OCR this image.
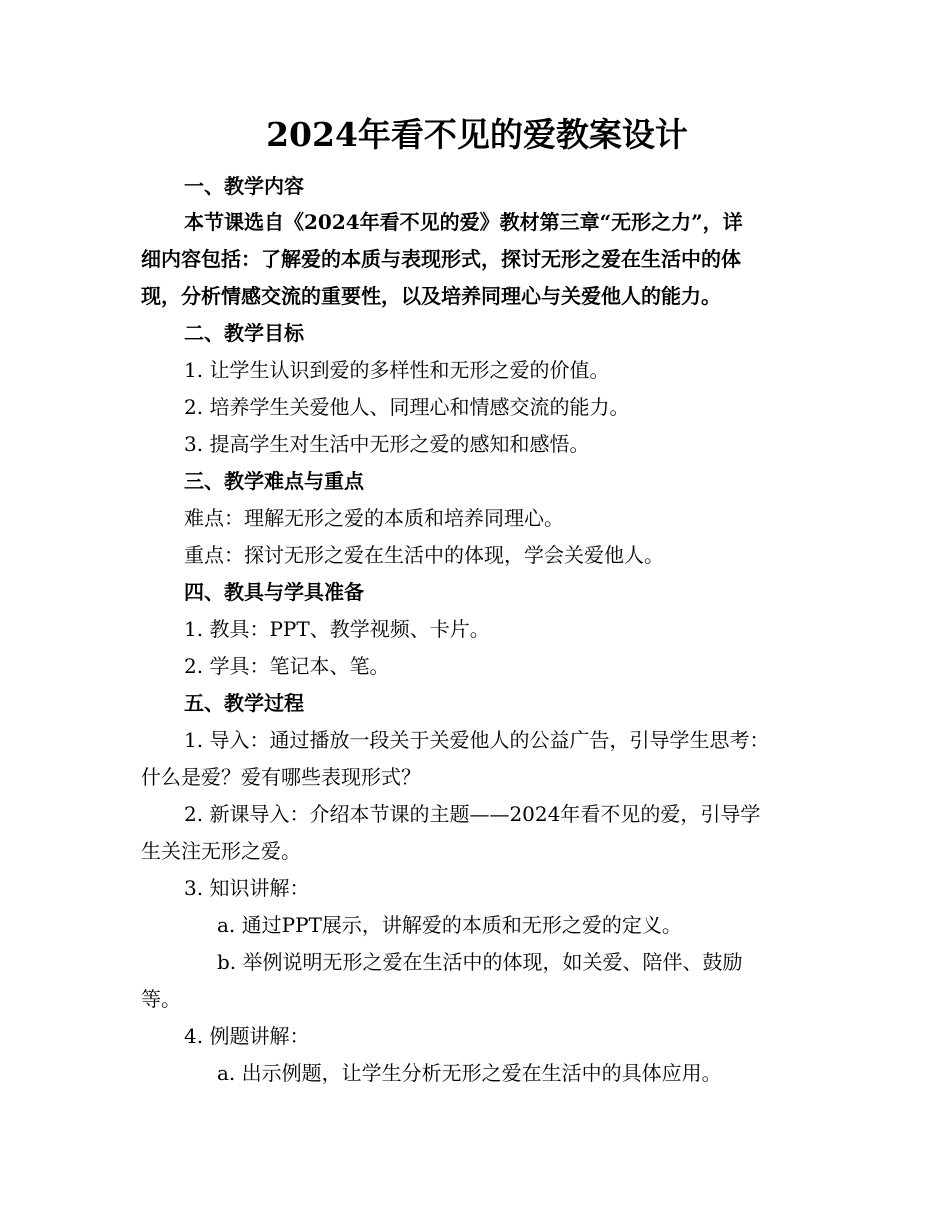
2024年看不见的爱教案设计
一、教学内容
本节课选自《2024年看不见的爱》教材第三章“无形之力”，详
细内容包括：了解爱的本质与表现形式，探讨无形之爱在生活中的体
现，分析情感交流的重要性，以及培养同理心与关爱他人的能力。
二、教学目标
1. 让学生认识到爱的多样性和无形之爱的价值。
2. 培养学生关爱他人、同理心和情感交流的能力。
3. 提高学生对生活中无形之爱的感知和感悟。
三、教学难点与重点
难点：理解无形之爱的本质和培养同理心。
重点：探讨无形之爱在生活中的体现，学会关爱他人。
四、教具与学具准备
1. 教具：PPT、教学视频、卡片。
2. 学具：笔记本、笔。
五、教学过程
1. 导入：通过播放一段关于关爱他人的公益广告，引导学生思考：
什么是爱？爱有哪些表现形式？
2. 新课导入：介绍本节课的主题——2024年看不见的爱，引导学
生关注无形之爱。
3. 知识讲解：
a. 通过PPT展示，讲解爱的本质和无形之爱的定义。
b. 举例说明无形之爱在生活中的体现，如关爱、陪伴、鼓励
等。
4. 例题讲解：
a. 出示例题，让学生分析无形之爱在生活中的具体应用。
